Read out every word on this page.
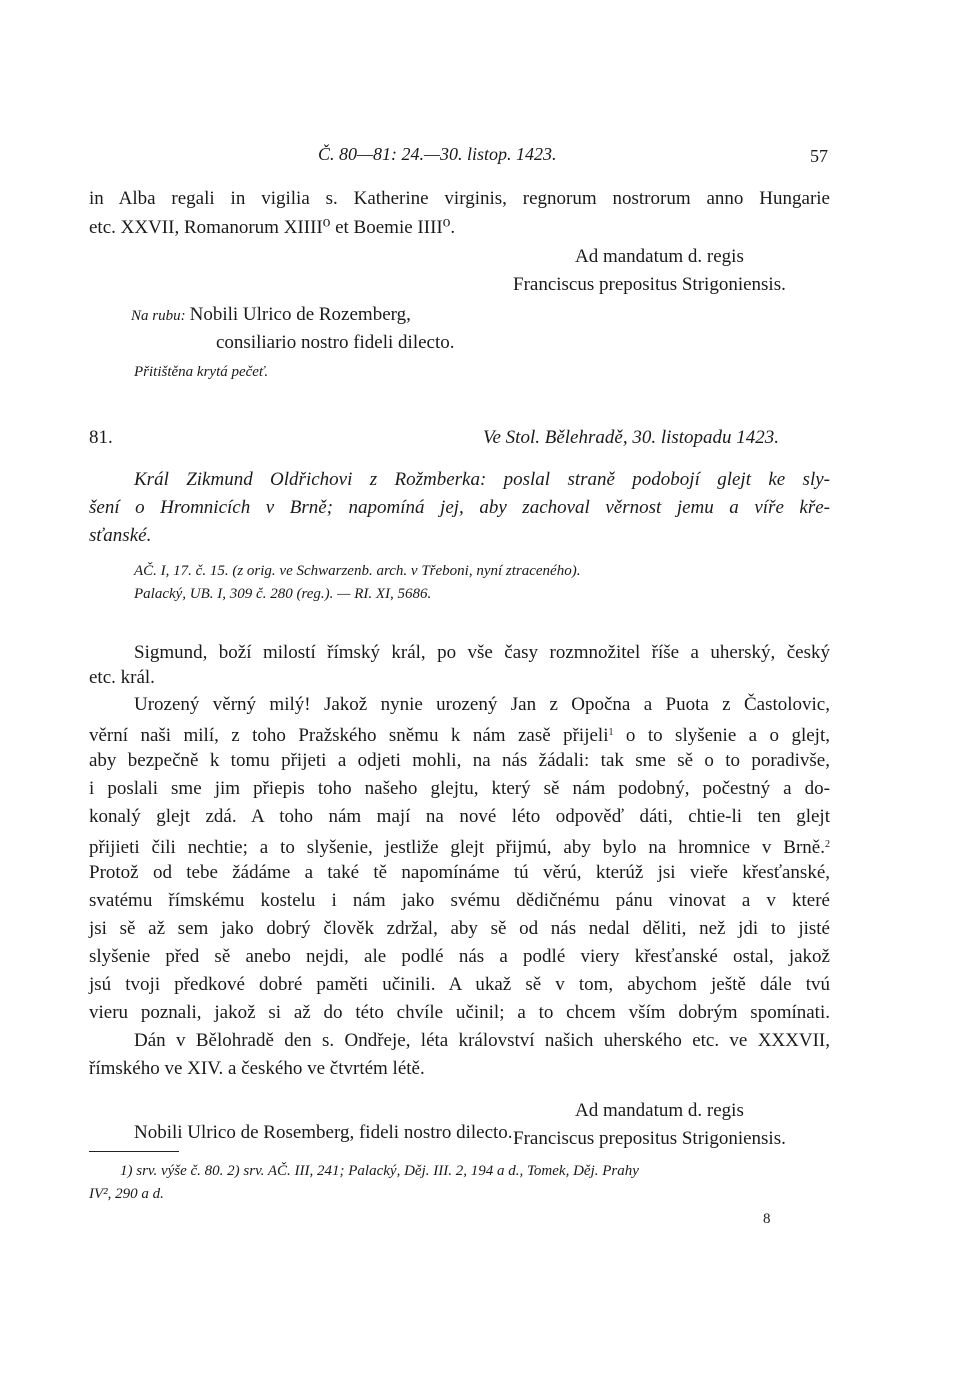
Č. 80—81: 24.—30. listop. 1423.	57
in Alba regali in vigilia s. Katherine virginis, regnorum nostrorum anno Hungarie
etc. XXVII, Romanorum XIIII⁰ et Boemie IIII⁰.
Ad mandatum d. regis
Franciscus prepositus Strigoniensis.
Na rubu: Nobili Ulrico de Rozemberg,
consiliario nostro fideli dilecto.
Přitištěna krytá pečeť.
81.	Ve Stol. Bělehradě, 30. listopadu 1423.
Král Zikmund Oldřichovi z Rožmberka: poslal straně podobojí glejt ke sly-
šení o Hromnicích v Brně; napomíná jej, aby zachoval věrnost jemu a víře kře-
sťanské.
AČ. I, 17. č. 15. (z orig. ve Schwarzenb. arch. v Třeboni, nyní ztraceného).
Palacký, UB. I, 309 č. 280 (reg.). — RI. XI, 5686.
Sigmund, boží milostí římský král, po vše časy rozmnožitel říše a uherský, český
etc. král.
Urozený věrný milý! Jakož nynie urozený Jan z Opočna a Puota z Častolovic,
věrní naši milí, z toho Pražského sněmu k nám zasě přijeli$^1$ o to slyšenie a o glejt,
aby bezpečně k tomu přijeti a odjeti mohli, na nás žádali: tak sme sě o to poradivše,
i poslali sme jim přiepis toho našeho glejtu, který sě nám podobný, počestný a do-
konalý glejt zdá. A toho nám mají na nové léto odpověď dáti, chtie-li ten glejt
přijieti čili nechtie; a to slyšenie, jestliže glejt přijmú, aby bylo na hromnice v Brně.$^2$
Protož od tebe žádáme a také tě napomínáme tú věrú, kterúž jsi vieře křesťanské,
svatému římskému kostelu i nám jako svému dědičnému pánu vinovat a v které
jsi sě až sem jako dobrý člověk zdržal, aby sě od nás nedal děliti, než jdi to jisté
slyšenie před sě anebo nejdi, ale podlé nás a podlé viery křesťanské ostal, jakož
jsú tvoji předkové dobré paměti učinili. A ukaž sě v tom, abychom ještě dále tvú
vieru poznali, jakož si až do této chvíle učinil; a to chcem vším dobrým spomínati.
Dán v Bělohradě den s. Ondřeje, léta království našich uherského etc. ve XXXVII,
římského ve XIV. a českého ve čtvrtém létě.
Ad mandatum d. regis
Franciscus prepositus Strigoniensis.
Nobili Ulrico de Rosemberg, fideli nostro dilecto.
1) srv. výše č. 80. 2) srv. AČ. III, 241; Palacký, Děj. III. 2, 194 a d., Tomek, Děj. Prahy
IV², 290 a d.
8
